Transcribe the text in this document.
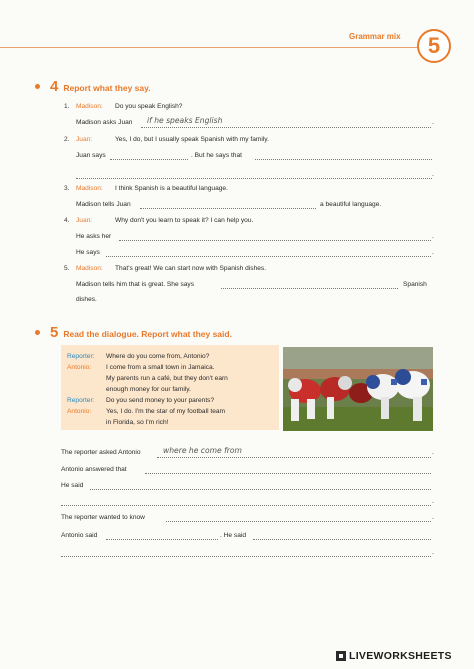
Grammar mix	5
4 Report what they say.
1. Madison: Do you speak English?
Madison asks Juan if he speaks English	.
2. Juan:	Yes, I do, but I usually speak Spanish with my family.
Juan says	. But he says that
.
3. Madison: I think Spanish is a beautiful language.
Madison tells Juan	a beautiful language.
4. Juan:	Why don't you learn to speak it? I can help you.
He asks her	.
He says	.
5. Madison: That's great! We can start now with Spanish dishes.
Madison tells him that is great. She says	Spanish
dishes.
5 Read the dialogue. Report what they said.
Reporter: Where do you come from, Antonio?
Antonio: I come from a small town in Jamaica.
My parents run a café, but they don't earn
enough money for our family.
Reporter: Do you send money to your parents?
Antonio: Yes, I do. I'm the star of my football team
in Florida, so I'm rich!
The reporter asked Antonio	where he come from	.
Antonio answered that
He said
.
The reporter wanted to know	.
Antonio said	. He said
.
LIVEWORKSHEETS
